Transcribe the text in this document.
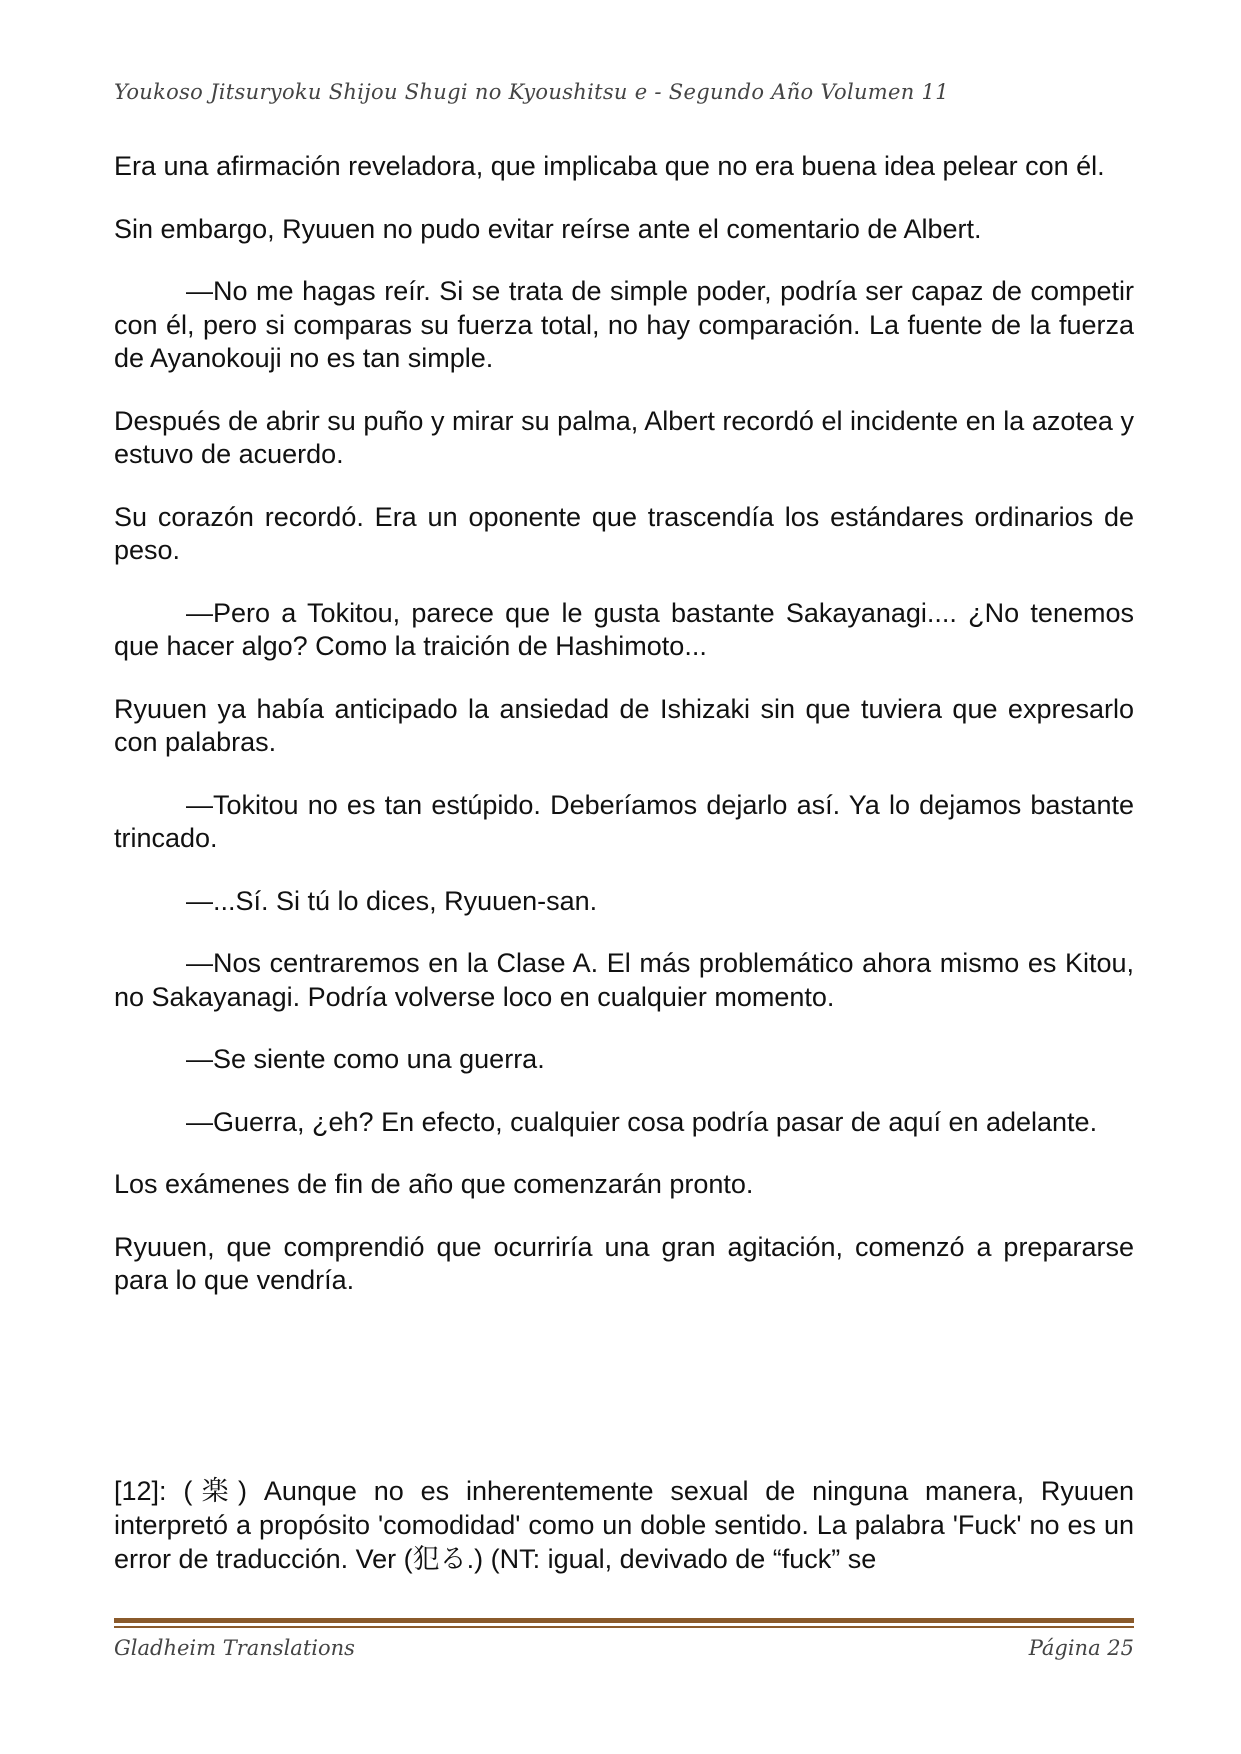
Youkoso Jitsuryoku Shijou Shugi no Kyoushitsu e - Segundo Año Volumen 11

Era una afirmación reveladora, que implicaba que no era buena idea pelear con él.

Sin embargo, Ryuuen no pudo evitar reírse ante el comentario de Albert.

—No me hagas reír. Si se trata de simple poder, podría ser capaz de competir con él, pero si comparas su fuerza total, no hay comparación. La fuente de la fuerza de Ayanokouji no es tan simple.

Después de abrir su puño y mirar su palma, Albert recordó el incidente en la azotea y estuvo de acuerdo.

Su corazón recordó. Era un oponente que trascendía los estándares ordinarios de peso.

—Pero a Tokitou, parece que le gusta bastante Sakayanagi.... ¿No tenemos que hacer algo? Como la traición de Hashimoto...

Ryuuen ya había anticipado la ansiedad de Ishizaki sin que tuviera que expresarlo con palabras.

—Tokitou no es tan estúpido. Deberíamos dejarlo así. Ya lo dejamos bastante trincado.

—...Sí. Si tú lo dices, Ryuuen-san.

—Nos centraremos en la Clase A. El más problemático ahora mismo es Kitou, no Sakayanagi. Podría volverse loco en cualquier momento.

—Se siente como una guerra.

—Guerra, ¿eh? En efecto, cualquier cosa podría pasar de aquí en adelante.

Los exámenes de fin de año que comenzarán pronto.

Ryuuen, que comprendió que ocurriría una gran agitación, comenzó a prepararse para lo que vendría.

[12]: (楽) Aunque no es inherentemente sexual de ninguna manera, Ryuuen interpretó a propósito 'comodidad' como un doble sentido. La palabra 'Fuck' no es un error de traducción. Ver (犯る.) (NT: igual, devivado de “fuck” se
Gladheim Translations	Página 25
